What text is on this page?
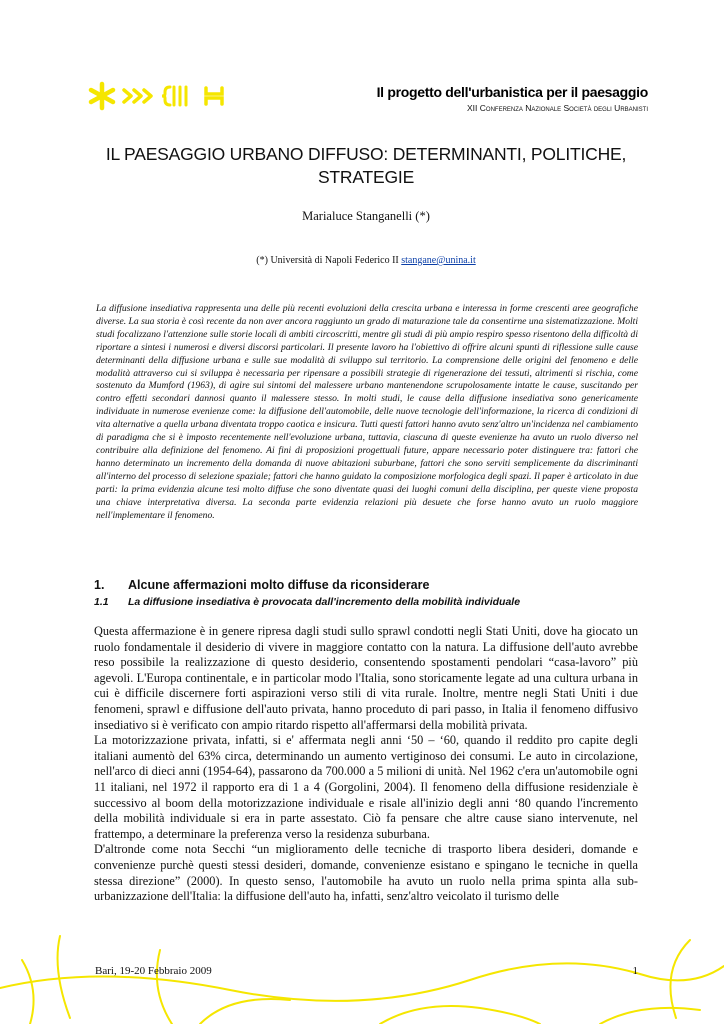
Il progetto dell'urbanistica per il paesaggio
XII Conferenza Nazionale Società degli Urbanisti
IL PAESAGGIO URBANO DIFFUSO: DETERMINANTI, POLITICHE, STRATEGIE
Marialuce Stanganelli (*)
(*) Università di Napoli Federico II stangane@unina.it
La diffusione insediativa rappresenta una delle più recenti evoluzioni della crescita urbana e interessa in forme crescenti aree geografiche diverse. La sua storia è così recente da non aver ancora raggiunto un grado di maturazione tale da consentirne una sistematizzazione. Molti studi focalizzano l'attenzione sulle storie locali di ambiti circoscritti, mentre gli studi di più ampio respiro spesso risentono della difficoltà di riportare a sintesi i numerosi e diversi discorsi particolari. Il presente lavoro ha l'obiettivo di offrire alcuni spunti di riflessione sulle cause determinanti della diffusione urbana e sulle sue modalità di sviluppo sul territorio. La comprensione delle origini del fenomeno e delle modalità attraverso cui si sviluppa è necessaria per ripensare a possibili strategie di rigenerazione dei tessuti, altrimenti si rischia, come sostenuto da Mumford (1963), di agire sui sintomi del malessere urbano mantenendone scrupolosamente intatte le cause, suscitando per contro effetti secondari dannosi quanto il malessere stesso. In molti studi, le cause della diffusione insediativa sono genericamente individuate in numerose evenienze come: la diffusione dell'automobile, delle nuove tecnologie dell'informazione, la ricerca di condizioni di vita alternative a quella urbana diventata troppo caotica e insicura. Tutti questi fattori hanno avuto senz'altro un'incidenza nel cambiamento di paradigma che si è imposto recentemente nell'evoluzione urbana, tuttavia, ciascuna di queste evenienze ha avuto un ruolo diverso nel contribuire alla definizione del fenomeno. Ai fini di proposizioni progettuali future, appare necessario poter distinguere tra: fattori che hanno determinato un incremento della domanda di nuove abitazioni suburbane, fattori che sono serviti semplicemente da discriminanti all'interno del processo di selezione spaziale; fattori che hanno guidato la composizione morfologica degli spazi. Il paper è articolato in due parti: la prima evidenzia alcune tesi molto diffuse che sono diventate quasi dei luoghi comuni della disciplina, per queste viene proposta una chiave interpretativa diversa. La seconda parte evidenzia relazioni più desuete che forse hanno avuto un ruolo maggiore nell'implementare il fenomeno.
1. Alcune affermazioni molto diffuse da riconsiderare
1.1 La diffusione insediativa è provocata dall'incremento della mobilità individuale

Questa affermazione è in genere ripresa dagli studi sullo sprawl condotti negli Stati Uniti, dove ha giocato un ruolo fondamentale il desiderio di vivere in maggiore contatto con la natura. La diffusione dell'auto avrebbe reso possibile la realizzazione di questo desiderio, consentendo spostamenti pendolari “casa-lavoro” più agevoli. L'Europa continentale, e in particolar modo l'Italia, sono storicamente legate ad una cultura urbana in cui è difficile discernere forti aspirazioni verso stili di vita rurale. Inoltre, mentre negli Stati Uniti i due fenomeni, sprawl e diffusione dell'auto privata, hanno proceduto di pari passo, in Italia il fenomeno diffusivo insediativo si è verificato con ampio ritardo rispetto all'affermarsi della mobilità privata.

La motorizzazione privata, infatti, si e' affermata negli anni ‘50 – ‘60, quando il reddito pro capite degli italiani aumentò del 63% circa, determinando un aumento vertiginoso dei consumi. Le auto in circolazione, nell'arco di dieci anni (1954-64), passarono da 700.000 a 5 milioni di unità. Nel 1962 c'era un'automobile ogni 11 italiani, nel 1972 il rapporto era di 1 a 4 (Gorgolini, 2004). Il fenomeno della diffusione residenziale è successivo al boom della motorizzazione individuale e risale all'inizio degli anni ‘80 quando l'incremento della mobilità individuale si era in parte assestato. Ciò fa pensare che altre cause siano intervenute, nel frattempo, a determinare la preferenza verso la residenza suburbana.

D'altronde come nota Secchi “un miglioramento delle tecniche di trasporto libera desideri, domande e convenienze purchè questi stessi desideri, domande, convenienze esistano e spingano le tecniche in quella stessa direzione” (2000). In questo senso, l'automobile ha avuto un ruolo nella prima spinta alla sub-urbanizzazione dell'Italia: la diffusione dell'auto ha, infatti, senz'altro veicolato il turismo delle

Bari, 19-20 Febbraio 2009	1
